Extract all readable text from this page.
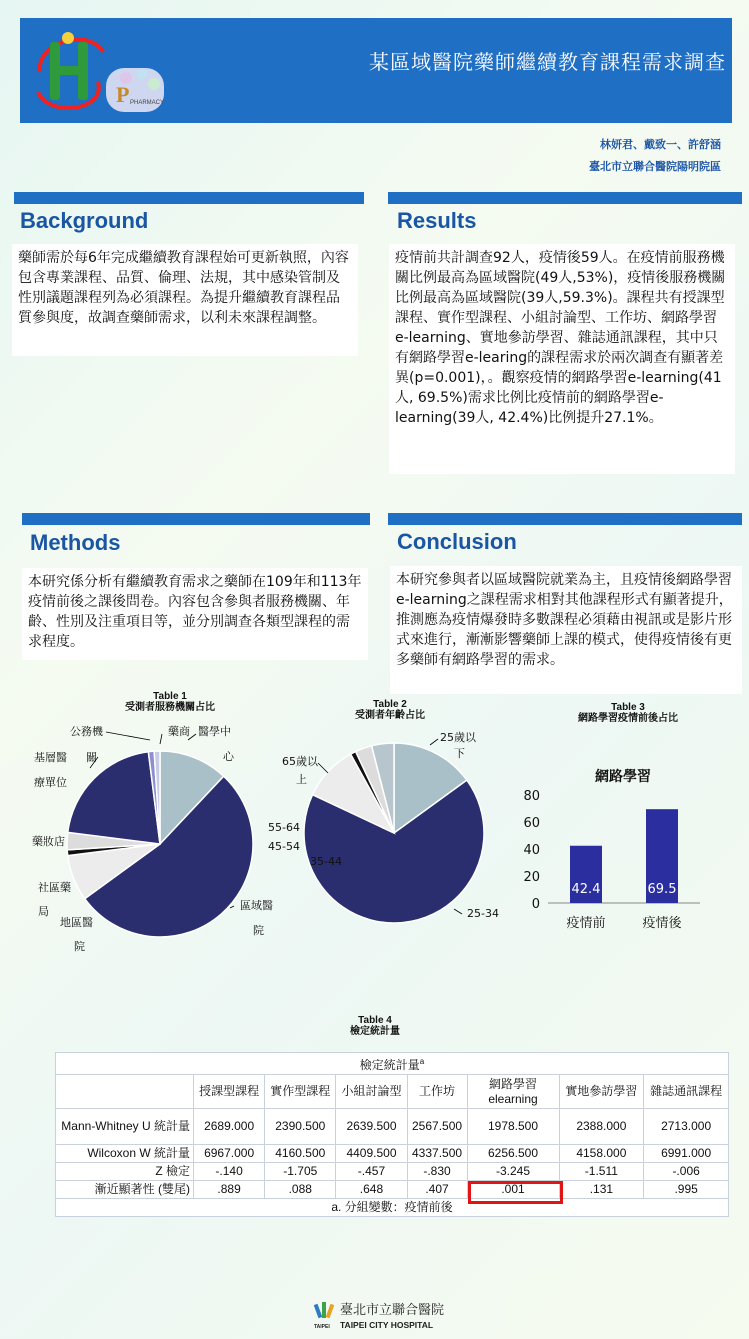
P PHARMACY
某區域醫院藥師繼續教育課程需求調查
林妍君、戴致一、許舒涵
臺北市立聯合醫院陽明院區
Background
藥師需於每6年完成繼續教育課程始可更新執照，內容包含專業課程、品質、倫理、法規，其中感染管制及性別議題課程列為必須課程。為提升繼續教育課程品質參與度，故調查藥師需求，以利未來課程調整。
Results
疫情前共計調查92人，疫情後59人。在疫情前服務機關比例最高為區域醫院(49人,53%)，疫情後服務機關比例最高為區域醫院(39人,59.3%)。課程共有授課型課程、實作型課程、小組討論型、工作坊、網路學習e-learning、實地參訪學習、雜誌通訊課程，其中只有網路學習e-learing的課程需求於兩次調查有顯著差異(p=0.001)，。觀察疫情的網路學習e-learning(41人, 69.5%)需求比例比疫情前的網路學習e-learning(39人, 42.4%)比例提升27.1%。
Methods
本研究係分析有繼續教育需求之藥師在109年和113年疫情前後之課後問卷。內容包含參與者服務機關、年齡、性別及注重項目等，並分別調查各類型課程的需求程度。
Conclusion
本研究參與者以區域醫院就業為主，且疫情後網路學習e-learning之課程需求相對其他課程形式有顯著提升，推測應為疫情爆發時多數課程必須藉由視訊或是影片形式來進行，漸漸影響藥師上課的模式，使得疫情後有更多藥師有網路學習的需求。
Table 1
受測者服務機關占比
醫學中
心
藥商
公務機
基層醫 關
療單位
藥妝店
社區藥
局
地區醫
院
區域醫
院
Table 2
受測者年齡占比
25歲以
下
65歲以
上
55-64
45-54
35-44
25-34
Table 3
網路學習疫情前後占比
網路學習
0
20
40
60
80
42.4
疫情前
69.5
疫情後
Table 4
檢定統計量
檢定統計量$^a$
	授課型課程	實作型課程	小組討論型	工作坊	網路學習 elearning	實地參訪學習	雜誌通訊課程
Mann-Whitney U 統計量	2689.000	2390.500	2639.500	2567.500	1978.500	2388.000	2713.000
Wilcoxon W 統計量	6967.000	4160.500	4409.500	4337.500	6256.500	4158.000	6991.000
Z 檢定	-.140	-1.705	-.457	-.830	-3.245	-1.511	-.006
漸近顯著性 (雙尾)	.889	.088	.648	.407	.001	.131	.995
a. 分組變數：疫情前後							
TAIPEI
臺北市立聯合醫院
TAIPEI CITY HOSPITAL
